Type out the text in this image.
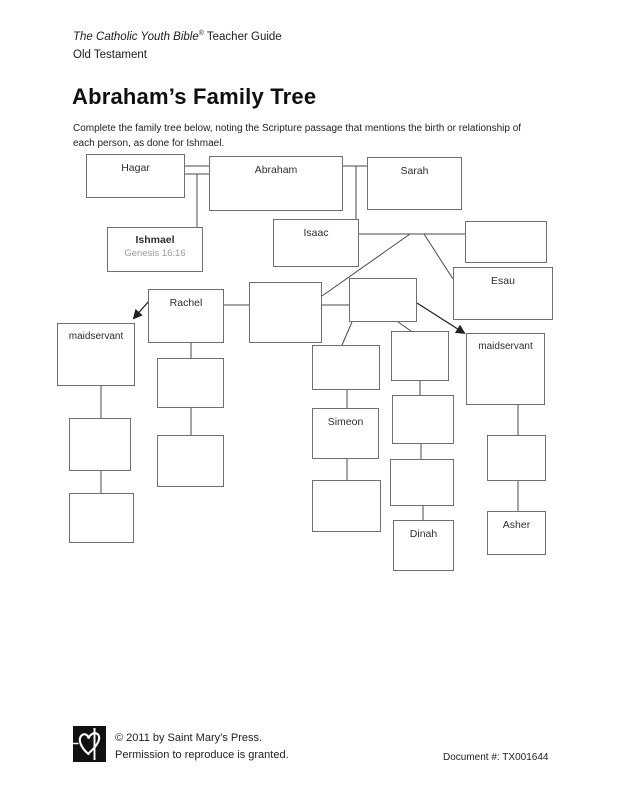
The Catholic Youth Bible® Teacher Guide
Old Testament
Abraham’s Family Tree
Complete the family tree below, noting the Scripture passage that mentions the birth or relationship of
each person, as done for Ishmael.
Hagar	Abraham	Sarah
Ishmael
Genesis 16:16
Isaac
Esau
Rachel
maidservant
maidservant
Simeon
Dinah
Asher
© 2011 by Saint Mary’s Press.
Permission to reproduce is granted.	Document #: TX001644
